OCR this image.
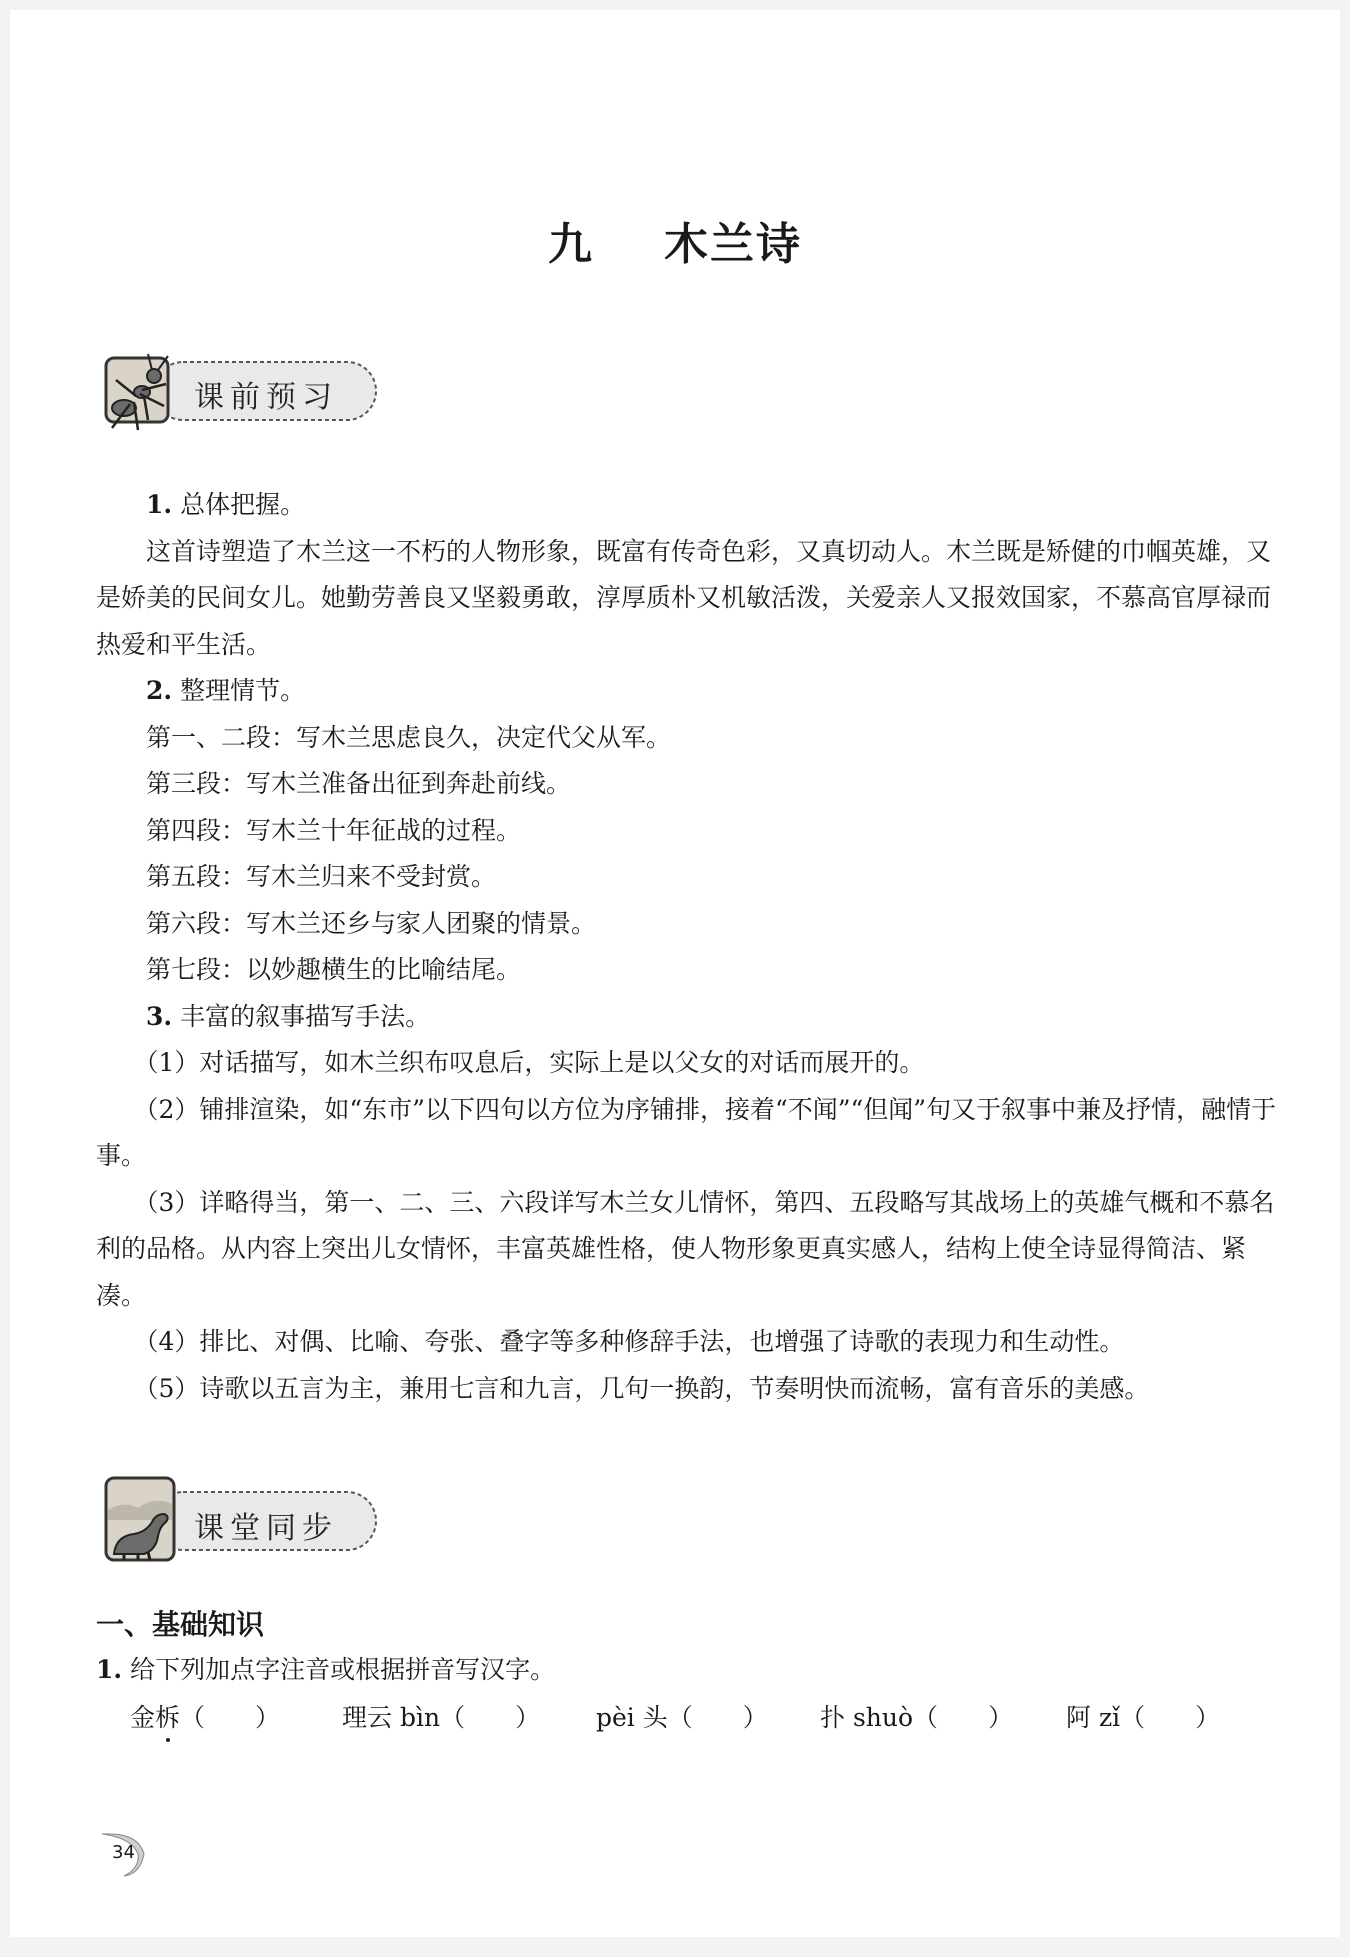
九 木兰诗
课前预习

1. 总体把握。

这首诗塑造了木兰这一不朽的人物形象，既富有传奇色彩，又真切动人。木兰既是矫健的巾帼英雄，又是娇美的民间女儿。她勤劳善良又坚毅勇敢，淳厚质朴又机敏活泼，关爱亲人又报效国家，不慕高官厚禄而热爱和平生活。

2. 整理情节。

第一、二段：写木兰思虑良久，决定代父从军。

第三段：写木兰准备出征到奔赴前线。

第四段：写木兰十年征战的过程。

第五段：写木兰归来不受封赏。

第六段：写木兰还乡与家人团聚的情景。

第七段：以妙趣横生的比喻结尾。

3. 丰富的叙事描写手法。

（1）对话描写，如木兰织布叹息后，实际上是以父女的对话而展开的。

（2）铺排渲染，如“东市”以下四句以方位为序铺排，接着“不闻”“但闻”句又于叙事中兼及抒情，融情于事。

（3）详略得当，第一、二、三、六段详写木兰女儿情怀，第四、五段略写其战场上的英雄气概和不慕名利的品格。从内容上突出儿女情怀，丰富英雄性格，使人物形象更真实感人，结构上使全诗显得简洁、紧凑。

（4）排比、对偶、比喻、夸张、叠字等多种修辞手法，也增强了诗歌的表现力和生动性。

（5）诗歌以五言为主，兼用七言和九言，几句一换韵，节奏明快而流畅，富有音乐的美感。

课堂同步
一、基础知识
1. 给下列加点字注音或根据拼音写汉字。
金柝（　　） 理云 bìn（　　） pèi 头（　　） 扑 shuò（　　） 阿 zǐ（　　）
34
